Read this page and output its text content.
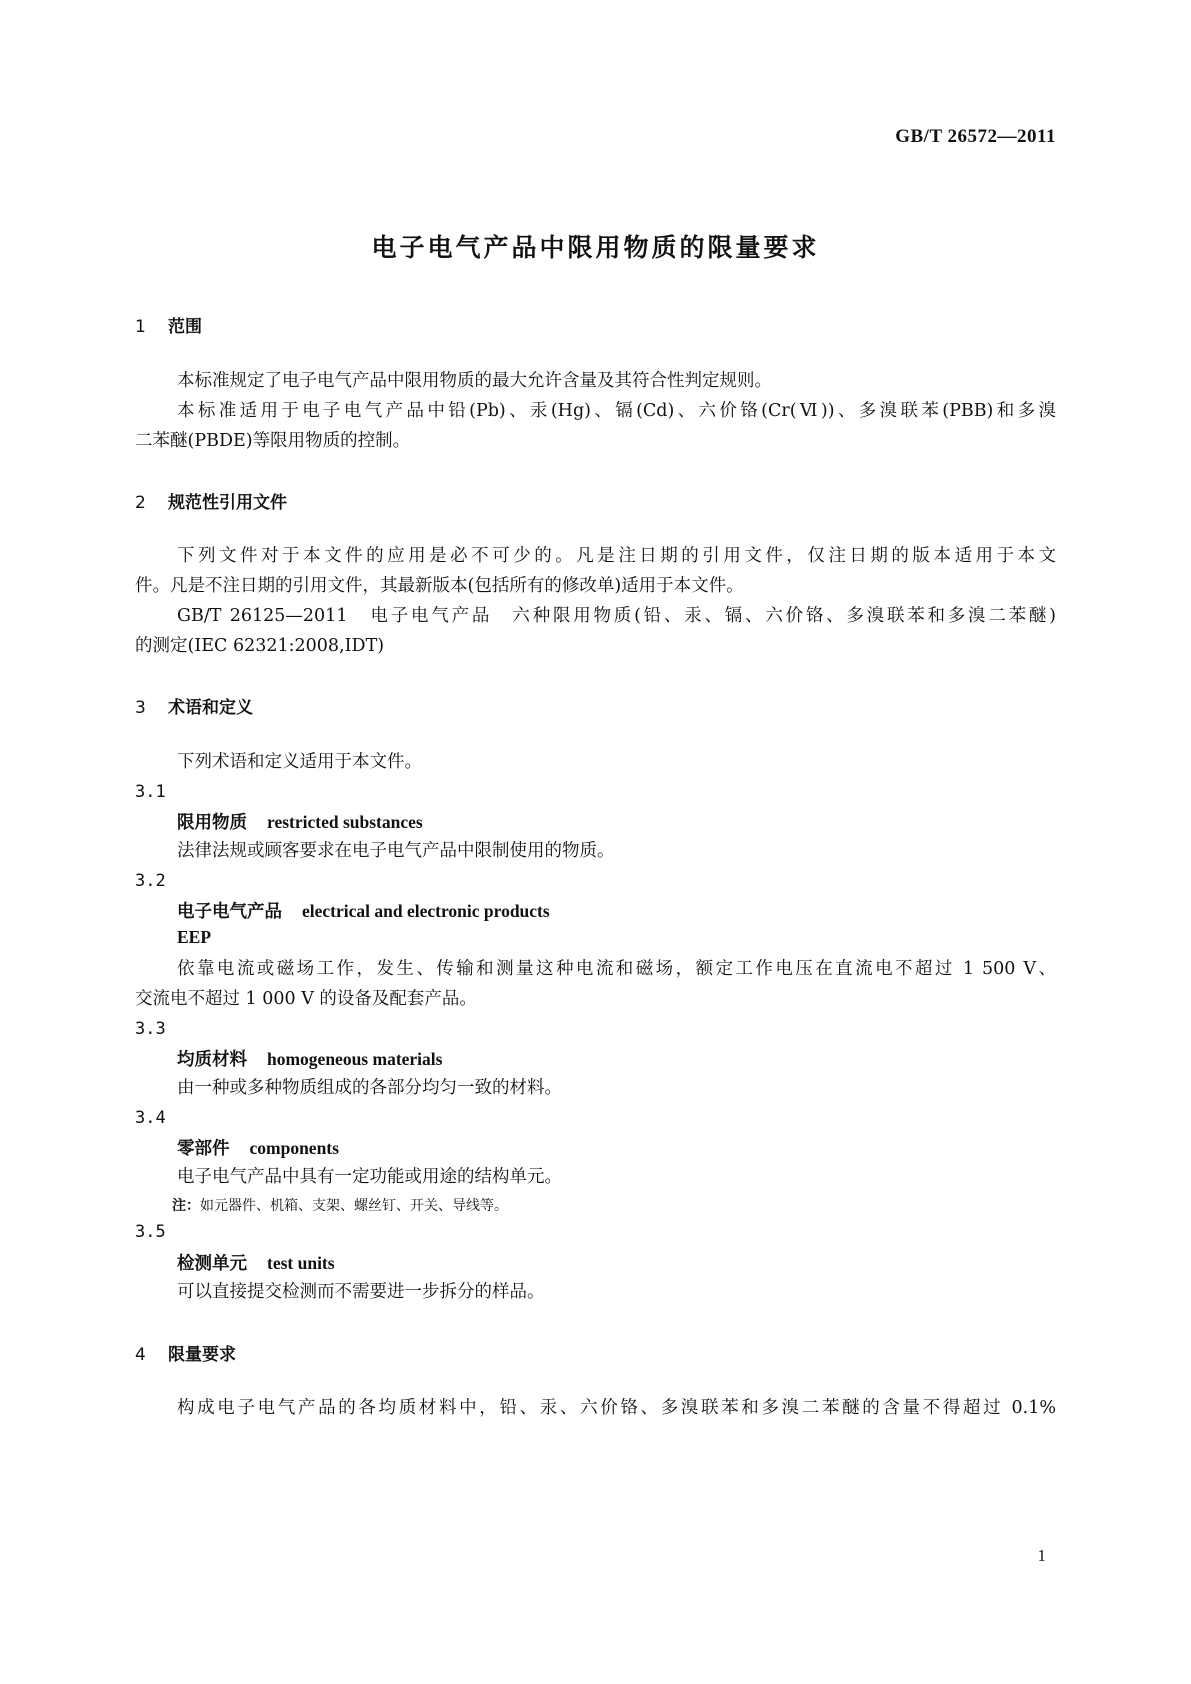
GB/T 26572—2011
电子电气产品中限用物质的限量要求
1 范围
本标准规定了电子电气产品中限用物质的最大允许含量及其符合性判定规则。
本标准适用于电子电气产品中铅(Pb)、汞(Hg)、镉(Cd)、六价铬(Cr(Ⅵ))、多溴联苯(PBB)和多溴
二苯醚(PBDE)等限用物质的控制。
2 规范性引用文件
下列文件对于本文件的应用是必不可少的。凡是注日期的引用文件，仅注日期的版本适用于本文
件。凡是不注日期的引用文件，其最新版本(包括所有的修改单)适用于本文件。
GB/T 26125—2011　电子电气产品　六种限用物质(铅、汞、镉、六价铬、多溴联苯和多溴二苯醚)
的测定(IEC 62321:2008,IDT)
3 术语和定义
下列术语和定义适用于本文件。
3.1
限用物质 restricted substances
法律法规或顾客要求在电子电气产品中限制使用的物质。
3.2
电子电气产品 electrical and electronic products
EEP
依靠电流或磁场工作，发生、传输和测量这种电流和磁场，额定工作电压在直流电不超过 1 500 V、
交流电不超过 1 000 V 的设备及配套产品。
3.3
均质材料 homogeneous materials
由一种或多种物质组成的各部分均匀一致的材料。
3.4
零部件 components
电子电气产品中具有一定功能或用途的结构单元。
注：如元器件、机箱、支架、螺丝钉、开关、导线等。
3.5
检测单元 test units
可以直接提交检测而不需要进一步拆分的样品。
4 限量要求
构成电子电气产品的各均质材料中，铅、汞、六价铬、多溴联苯和多溴二苯醚的含量不得超过 0.1%
1
